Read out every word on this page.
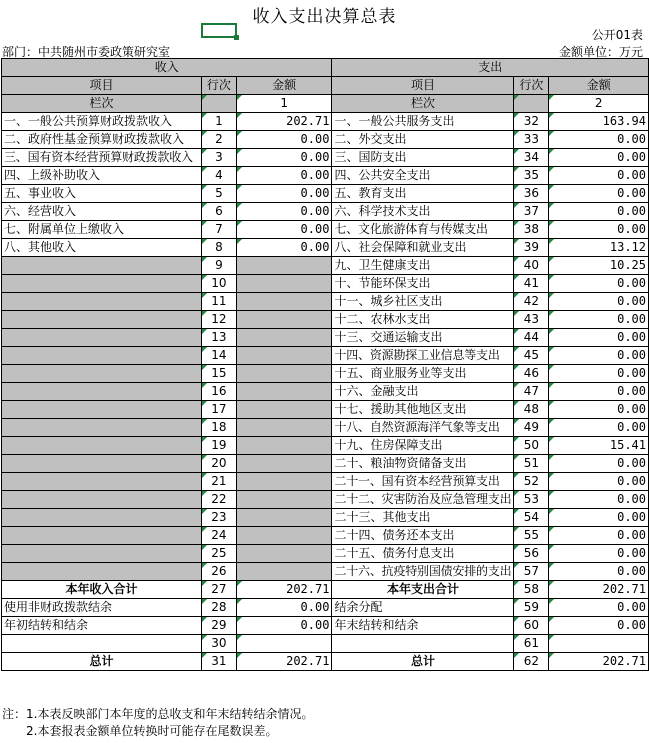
收入支出决算总表
公开01表
部门：中共随州市委政策研究室	金额单位：万元
收入			支出		
项目	行次	金额	项目	行次	金额
栏次		1	栏次		2
一、一般公共预算财政拨款收入	1	202.71	一、一般公共服务支出	32	163.94
二、政府性基金预算财政拨款收入	2	0.00	二、外交支出	33	0.00
三、国有资本经营预算财政拨款收入	3	0.00	三、国防支出	34	0.00
四、上级补助收入	4	0.00	四、公共安全支出	35	0.00
五、事业收入	5	0.00	五、教育支出	36	0.00
六、经营收入	6	0.00	六、科学技术支出	37	0.00
七、附属单位上缴收入	7	0.00	七、文化旅游体育与传媒支出	38	0.00
八、其他收入	8	0.00	八、社会保障和就业支出	39	13.12
	9		九、卫生健康支出	40	10.25
	10		十、节能环保支出	41	0.00
	11		十一、城乡社区支出	42	0.00
	12		十二、农林水支出	43	0.00
	13		十三、交通运输支出	44	0.00
	14		十四、资源勘探工业信息等支出	45	0.00
	15		十五、商业服务业等支出	46	0.00
	16		十六、金融支出	47	0.00
	17		十七、援助其他地区支出	48	0.00
	18		十八、自然资源海洋气象等支出	49	0.00
	19		十九、住房保障支出	50	15.41
	20		二十、粮油物资储备支出	51	0.00
	21		二十一、国有资本经营预算支出	52	0.00
	22		二十二、灾害防治及应急管理支出	53	0.00
	23		二十三、其他支出	54	0.00
	24		二十四、债务还本支出	55	0.00
	25		二十五、债务付息支出	56	0.00
	26		二十六、抗疫特别国债安排的支出	57	0.00
本年收入合计	27	202.71	本年支出合计	58	202.71
使用非财政拨款结余	28	0.00	结余分配	59	0.00
年初结转和结余	29	0.00	年末结转和结余	60	0.00
	30			61	
总计	31	202.71	总计	62	202.71
注：1.本表反映部门本年度的总收支和年末结转结余情况。
2.本套报表金额单位转换时可能存在尾数误差。
